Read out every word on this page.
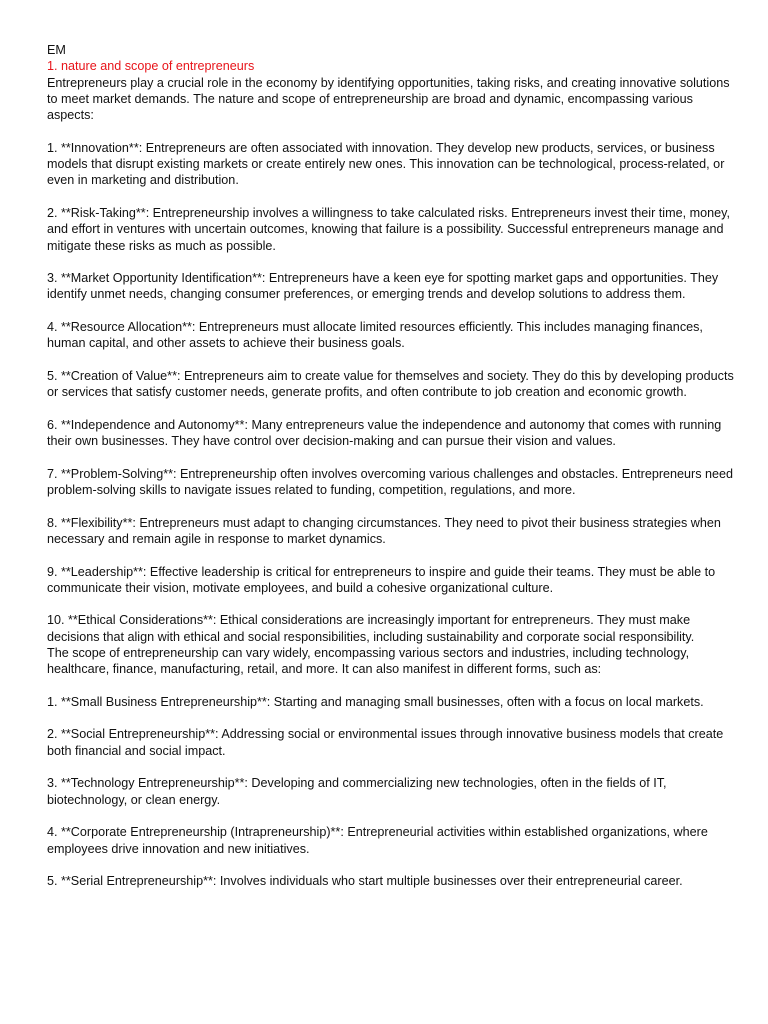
EM

1. nature and scope of entrepreneurs

Entrepreneurs play a crucial role in the economy by identifying opportunities, taking risks, and creating innovative solutions to meet market demands. The nature and scope of entrepreneurship are broad and dynamic, encompassing various aspects:

1. **Innovation**: Entrepreneurs are often associated with innovation. They develop new products, services, or business models that disrupt existing markets or create entirely new ones. This innovation can be technological, process-related, or even in marketing and distribution.

2. **Risk-Taking**: Entrepreneurship involves a willingness to take calculated risks. Entrepreneurs invest their time, money, and effort in ventures with uncertain outcomes, knowing that failure is a possibility. Successful entrepreneurs manage and mitigate these risks as much as possible.

3. **Market Opportunity Identification**: Entrepreneurs have a keen eye for spotting market gaps and opportunities. They identify unmet needs, changing consumer preferences, or emerging trends and develop solutions to address them.

4. **Resource Allocation**: Entrepreneurs must allocate limited resources efficiently. This includes managing finances, human capital, and other assets to achieve their business goals.

5. **Creation of Value**: Entrepreneurs aim to create value for themselves and society. They do this by developing products or services that satisfy customer needs, generate profits, and often contribute to job creation and economic growth.

6. **Independence and Autonomy**: Many entrepreneurs value the independence and autonomy that comes with running their own businesses. They have control over decision-making and can pursue their vision and values.

7. **Problem-Solving**: Entrepreneurship often involves overcoming various challenges and obstacles. Entrepreneurs need problem-solving skills to navigate issues related to funding, competition, regulations, and more.

8. **Flexibility**: Entrepreneurs must adapt to changing circumstances. They need to pivot their business strategies when necessary and remain agile in response to market dynamics.

9. **Leadership**: Effective leadership is critical for entrepreneurs to inspire and guide their teams. They must be able to communicate their vision, motivate employees, and build a cohesive organizational culture.

10. **Ethical Considerations**: Ethical considerations are increasingly important for entrepreneurs. They must make decisions that align with ethical and social responsibilities, including sustainability and corporate social responsibility.

The scope of entrepreneurship can vary widely, encompassing various sectors and industries, including technology, healthcare, finance, manufacturing, retail, and more. It can also manifest in different forms, such as:

1. **Small Business Entrepreneurship**: Starting and managing small businesses, often with a focus on local markets.

2. **Social Entrepreneurship**: Addressing social or environmental issues through innovative business models that create both financial and social impact.

3. **Technology Entrepreneurship**: Developing and commercializing new technologies, often in the fields of IT, biotechnology, or clean energy.

4. **Corporate Entrepreneurship (Intrapreneurship)**: Entrepreneurial activities within established organizations, where employees drive innovation and new initiatives.

5. **Serial Entrepreneurship**: Involves individuals who start multiple businesses over their entrepreneurial career.
